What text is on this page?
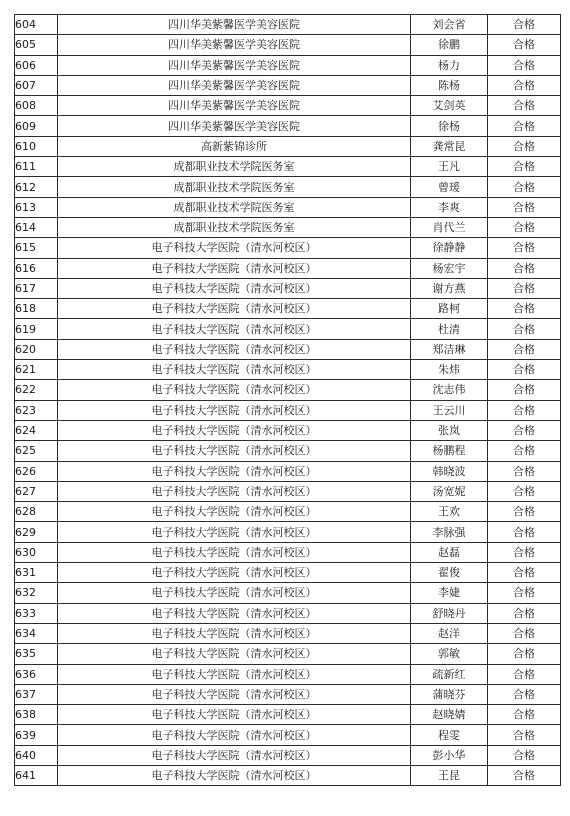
604	四川华美紫馨医学美容医院	刘会省	合格
605	四川华美紫馨医学美容医院	徐鹏	合格
606	四川华美紫馨医学美容医院	杨力	合格
607	四川华美紫馨医学美容医院	陈杨	合格
608	四川华美紫馨医学美容医院	艾剑英	合格
609	四川华美紫馨医学美容医院	徐杨	合格
610	高新紫锦诊所	龚常昆	合格
611	成都职业技术学院医务室	王凡	合格
612	成都职业技术学院医务室	曾瑗	合格
613	成都职业技术学院医务室	李爽	合格
614	成都职业技术学院医务室	肖代兰	合格
615	电子科技大学医院（清水河校区）	徐静静	合格
616	电子科技大学医院（清水河校区）	杨宏宇	合格
617	电子科技大学医院（清水河校区）	谢方燕	合格
618	电子科技大学医院（清水河校区）	路柯	合格
619	电子科技大学医院（清水河校区）	杜清	合格
620	电子科技大学医院（清水河校区）	郑洁琳	合格
621	电子科技大学医院（清水河校区）	朱炜	合格
622	电子科技大学医院（清水河校区）	沈志伟	合格
623	电子科技大学医院（清水河校区）	王云川	合格
624	电子科技大学医院（清水河校区）	张岚	合格
625	电子科技大学医院（清水河校区）	杨鹏程	合格
626	电子科技大学医院（清水河校区）	韩晓波	合格
627	电子科技大学医院（清水河校区）	汤宽妮	合格
628	电子科技大学医院（清水河校区）	王欢	合格
629	电子科技大学医院（清水河校区）	李脉强	合格
630	电子科技大学医院（清水河校区）	赵磊	合格
631	电子科技大学医院（清水河校区）	翟俊	合格
632	电子科技大学医院（清水河校区）	李婕	合格
633	电子科技大学医院（清水河校区）	舒晓丹	合格
634	电子科技大学医院（清水河校区）	赵洋	合格
635	电子科技大学医院（清水河校区）	郭敏	合格
636	电子科技大学医院（清水河校区）	疏新红	合格
637	电子科技大学医院（清水河校区）	蒲晓芬	合格
638	电子科技大学医院（清水河校区）	赵晓婧	合格
639	电子科技大学医院（清水河校区）	程雯	合格
640	电子科技大学医院（清水河校区）	彭小华	合格
641	电子科技大学医院（清水河校区）	王昆	合格
